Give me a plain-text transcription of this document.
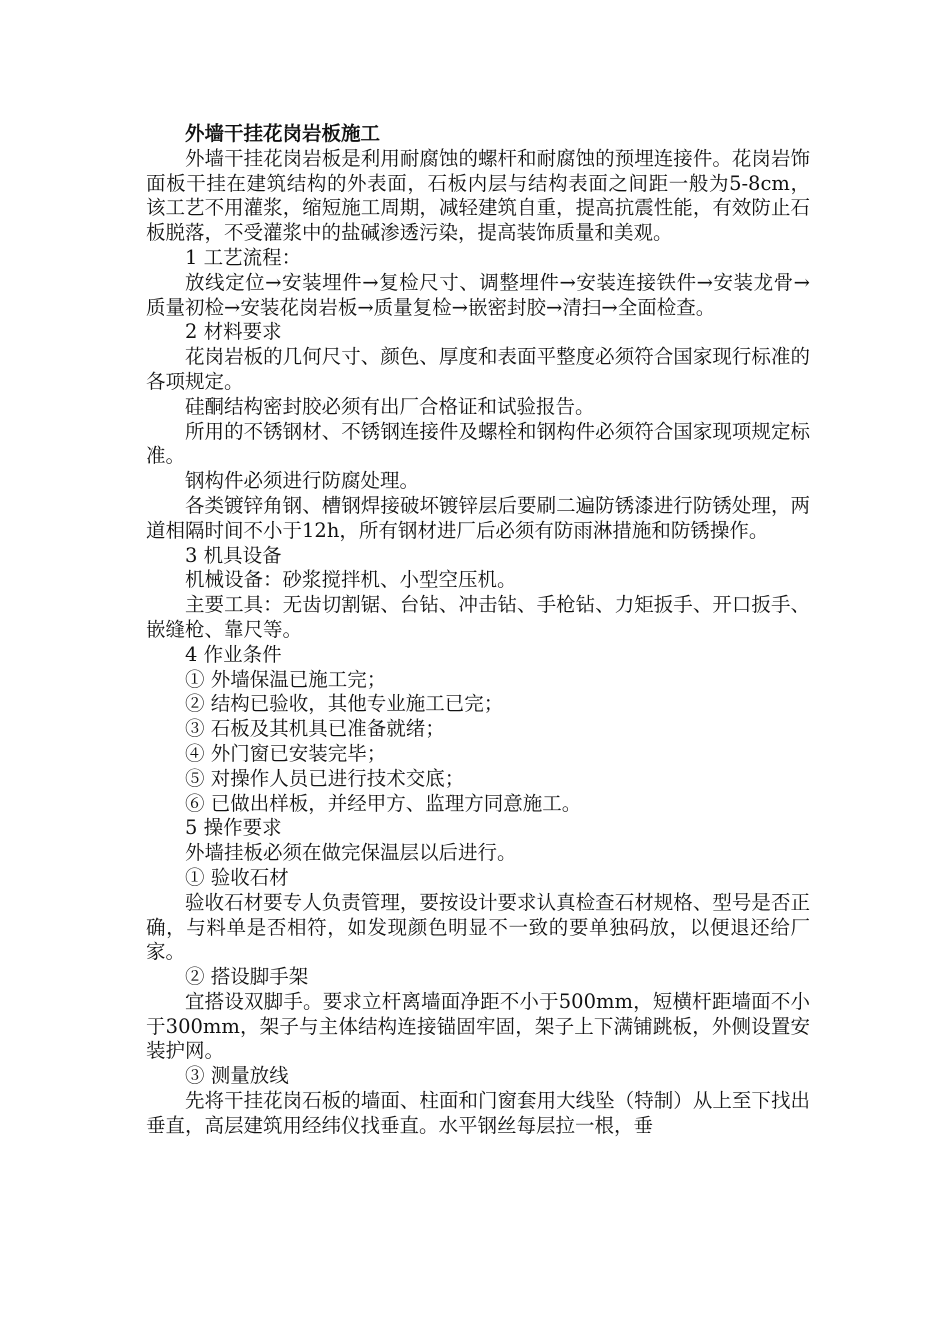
外墙干挂花岗岩板施工

外墙干挂花岗岩板是利用耐腐蚀的螺杆和耐腐蚀的预埋连接件。花岗岩饰面板干挂在建筑结构的外表面，石板内层与结构表面之间距一般为5-8cm，该工艺不用灌浆，缩短施工周期，减轻建筑自重，提高抗震性能，有效防止石板脱落，不受灌浆中的盐碱渗透污染，提高装饰质量和美观。

1 工艺流程：

放线定位→安装埋件→复检尺寸、调整埋件→安装连接铁件→安装龙骨→质量初检→安装花岗岩板→质量复检→嵌密封胶→清扫→全面检查。

2 材料要求

花岗岩板的几何尺寸、颜色、厚度和表面平整度必须符合国家现行标准的各项规定。

硅酮结构密封胶必须有出厂合格证和试验报告。

所用的不锈钢材、不锈钢连接件及螺栓和钢构件必须符合国家现项规定标准。

钢构件必须进行防腐处理。

各类镀锌角钢、槽钢焊接破坏镀锌层后要刷二遍防锈漆进行防锈处理，两道相隔时间不小于12h，所有钢材进厂后必须有防雨淋措施和防锈操作。

3 机具设备

机械设备：砂浆搅拌机、小型空压机。

主要工具：无齿切割锯、台钻、冲击钻、手枪钻、力矩扳手、开口扳手、嵌缝枪、靠尺等。

4 作业条件

① 外墙保温已施工完；

② 结构已验收，其他专业施工已完；

③ 石板及其机具已准备就绪；

④ 外门窗已安装完毕；

⑤ 对操作人员已进行技术交底；

⑥ 已做出样板，并经甲方、监理方同意施工。

5 操作要求

外墙挂板必须在做完保温层以后进行。

① 验收石材

验收石材要专人负责管理，要按设计要求认真检查石材规格、型号是否正确，与料单是否相符，如发现颜色明显不一致的要单独码放，以便退还给厂家。

② 搭设脚手架

宜搭设双脚手。要求立杆离墙面净距不小于500mm，短横杆距墙面不小于300mm，架子与主体结构连接锚固牢固，架子上下满铺跳板，外侧设置安装护网。

③ 测量放线

先将干挂花岗石板的墙面、柱面和门窗套用大线坠（特制）从上至下找出垂直，高层建筑用经纬仪找垂直。水平钢丝每层拉一根，垂
